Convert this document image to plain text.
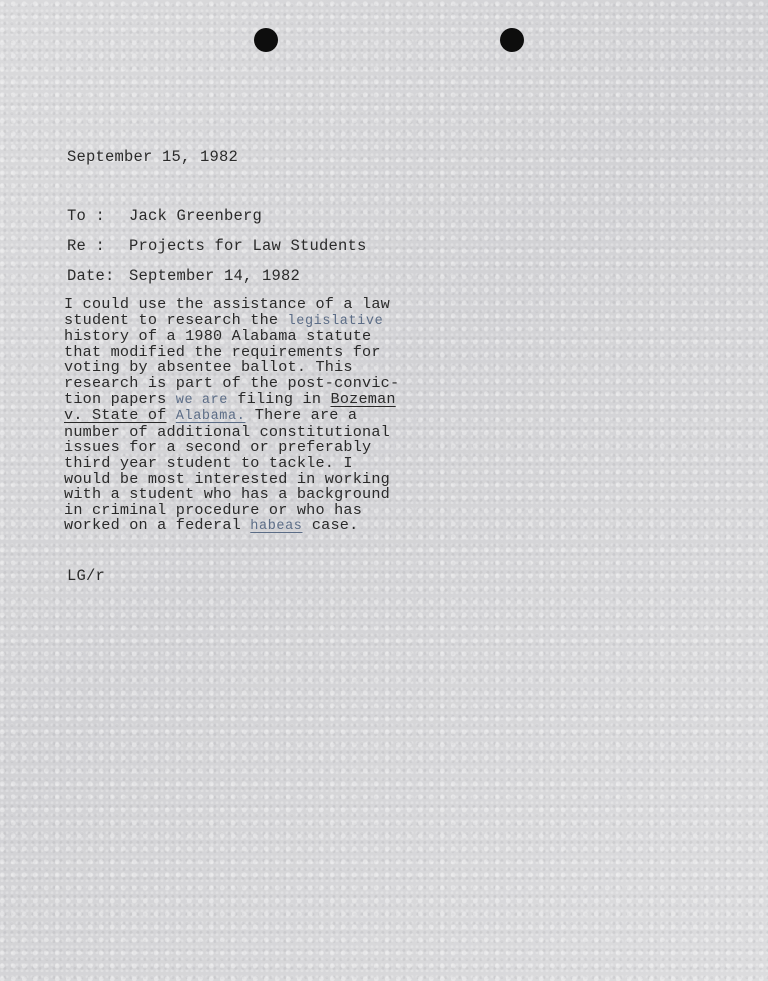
September 15, 1982
To :	Jack Greenberg
Re :	Projects for Law Students
Date: September 14, 1982
I could use the assistance of a law
student to research the legislative
history of a 1980 Alabama statute
that modified the requirements for
voting by absentee ballot. This
research is part of the post-convic-
tion papers we are filing in Bozeman
v. State of Alabama. There are a
number of additional constitutional
issues for a second or preferably
third year student to tackle. I
would be most interested in working
with a student who has a background
in criminal procedure or who has
worked on a federal habeas case.
LG/r
